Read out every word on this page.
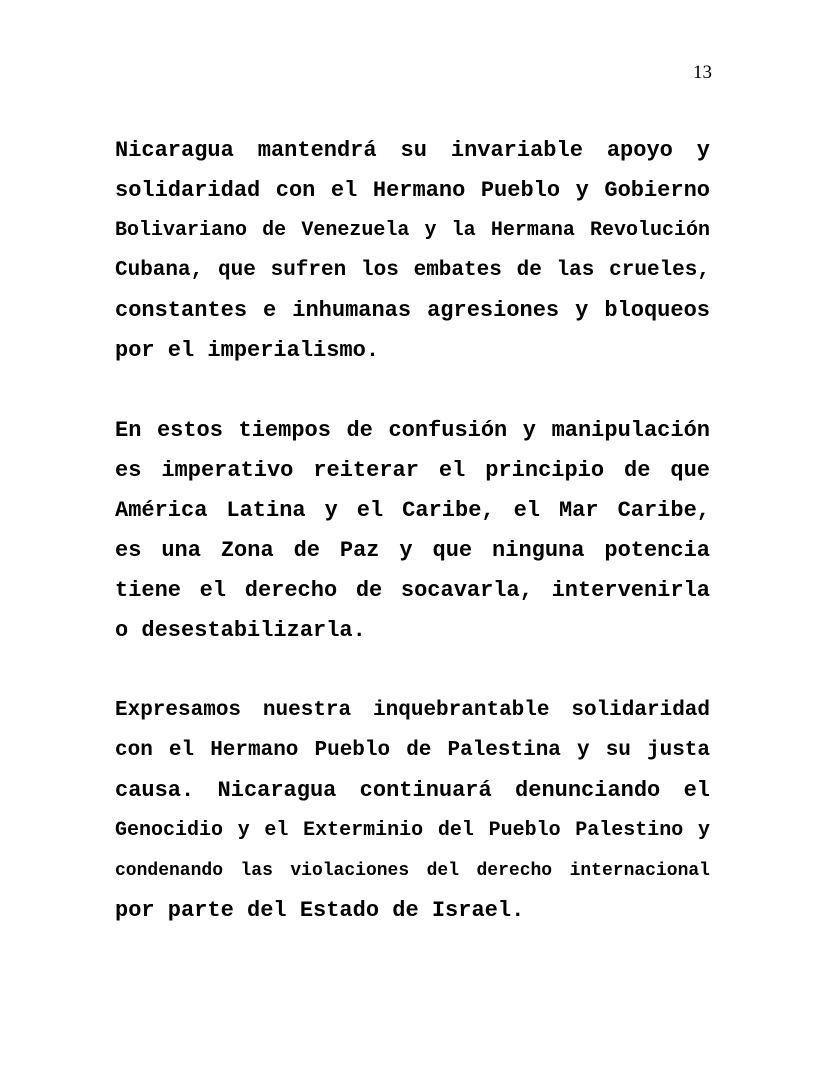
13
Nicaragua mantendrá su invariable apoyo y
solidaridad con el Hermano Pueblo y Gobierno
Bolivariano de Venezuela y la Hermana Revolución
Cubana, que sufren los embates de las crueles,
constantes e inhumanas agresiones y bloqueos
por el imperialismo.
En estos tiempos de confusión y manipulación
es imperativo reiterar el principio de que
América Latina y el Caribe, el Mar Caribe,
es una Zona de Paz y que ninguna potencia
tiene el derecho de socavarla, intervenirla
o desestabilizarla.
Expresamos nuestra inquebrantable solidaridad
con el Hermano Pueblo de Palestina y su justa
causa. Nicaragua continuará denunciando el
Genocidio y el Exterminio del Pueblo Palestino y
condenando las violaciones del derecho internacional
por parte del Estado de Israel.
